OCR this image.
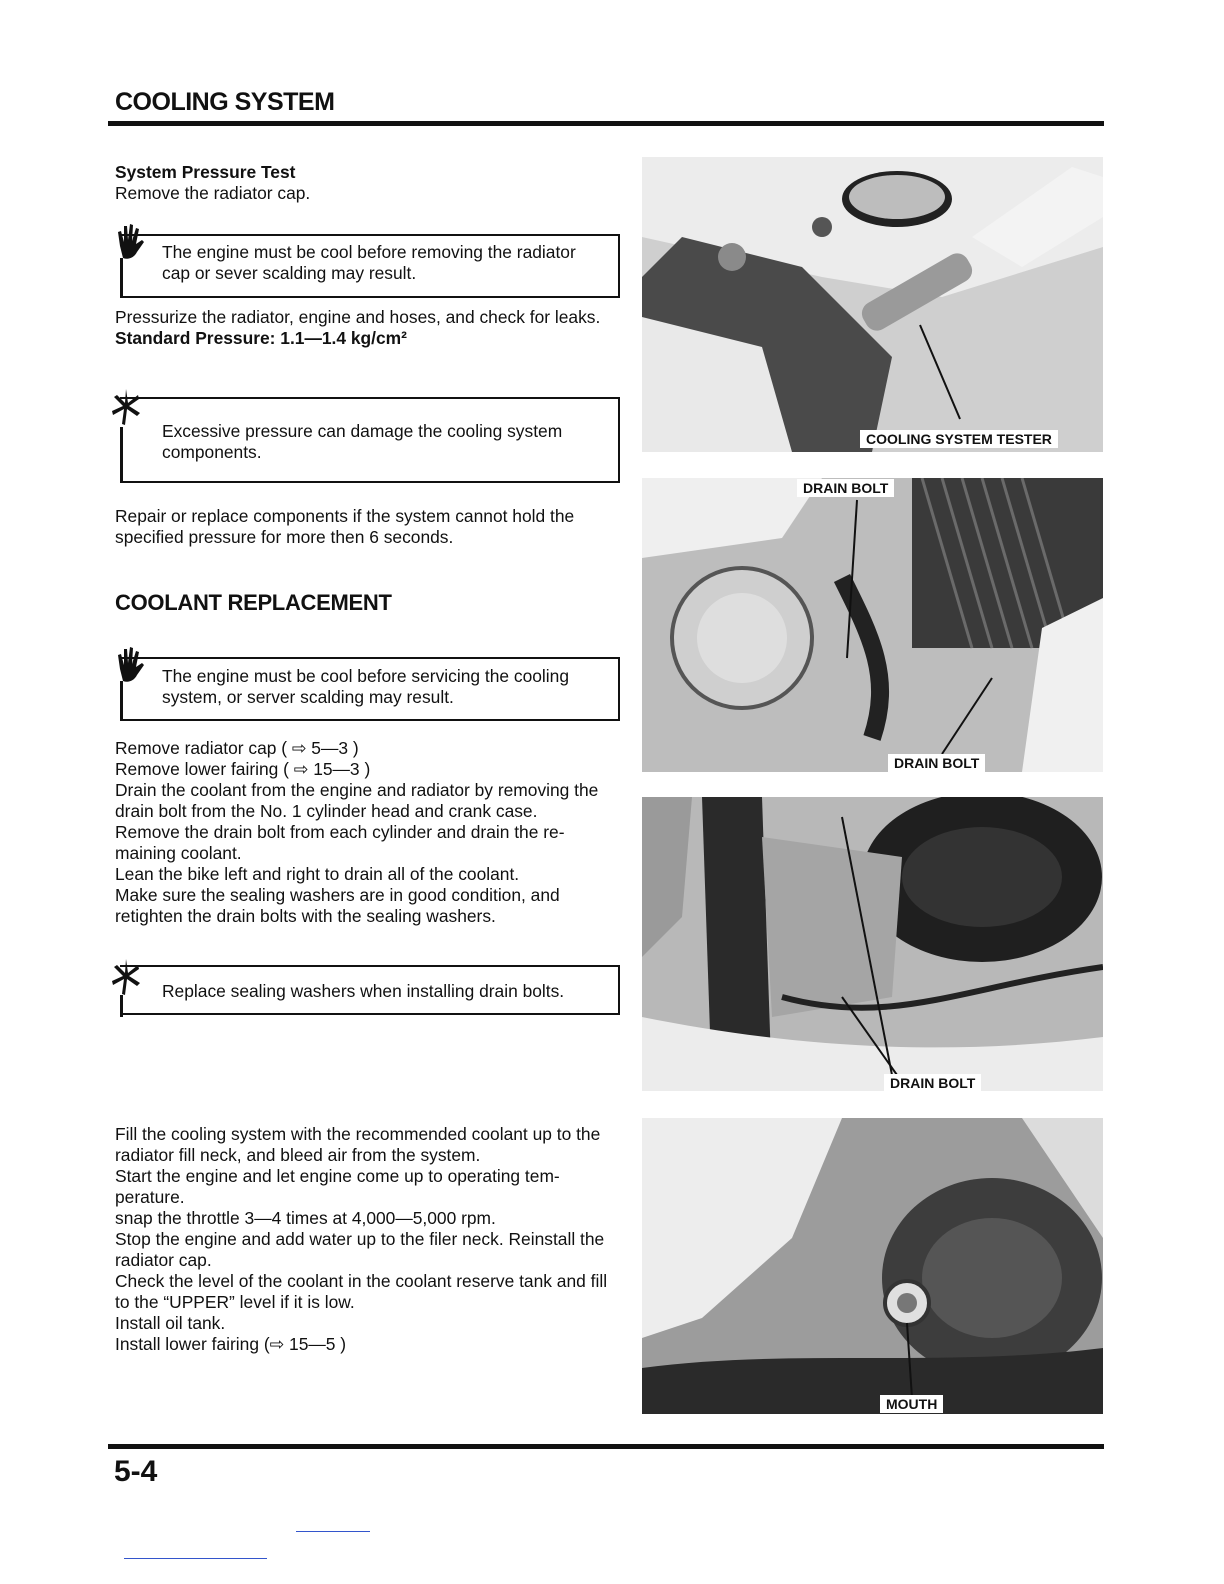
COOLING SYSTEM

System Pressure Test

Remove the radiator cap.

The engine must be cool before removing the radiator cap or sever scalding may result.

Pressurize the radiator, engine and hoses, and check for leaks.

Standard Pressure: 1.1—1.4 kg/cm²

Excessive pressure can damage the cooling system components.

Repair or replace components if the system cannot hold the specified pressure for more then 6 seconds.

COOLANT REPLACEMENT
The engine must be cool before servicing the cooling system, or server scalding may result.

Remove radiator cap ( ⇨ 5—3 )

Remove lower fairing ( ⇨ 15—3 )

Drain the coolant from the engine and radiator by removing the drain bolt from the No. 1 cylinder head and crank case.

Remove the drain bolt from each cylinder and drain the re-maining coolant.

Lean the bike left and right to drain all of the coolant.

Make sure the sealing washers are in good condition, and retighten the drain bolts with the sealing washers.

Replace sealing washers when installing drain bolts.

Fill the cooling system with the recommended coolant up to the radiator fill neck, and bleed air from the system.

Start the engine and let engine come up to operating tem-perature.

snap the throttle 3—4 times at 4,000—5,000 rpm.

Stop the engine and add water up to the filer neck. Reinstall the radiator cap.

Check the level of the coolant in the coolant reserve tank and fill to the “UPPER” level if it is low.

Install oil tank.

Install lower fairing (⇨ 15—5 )

COOLING SYSTEM TESTER
DRAIN BOLT
DRAIN BOLT
DRAIN BOLT
MOUTH
5-4
